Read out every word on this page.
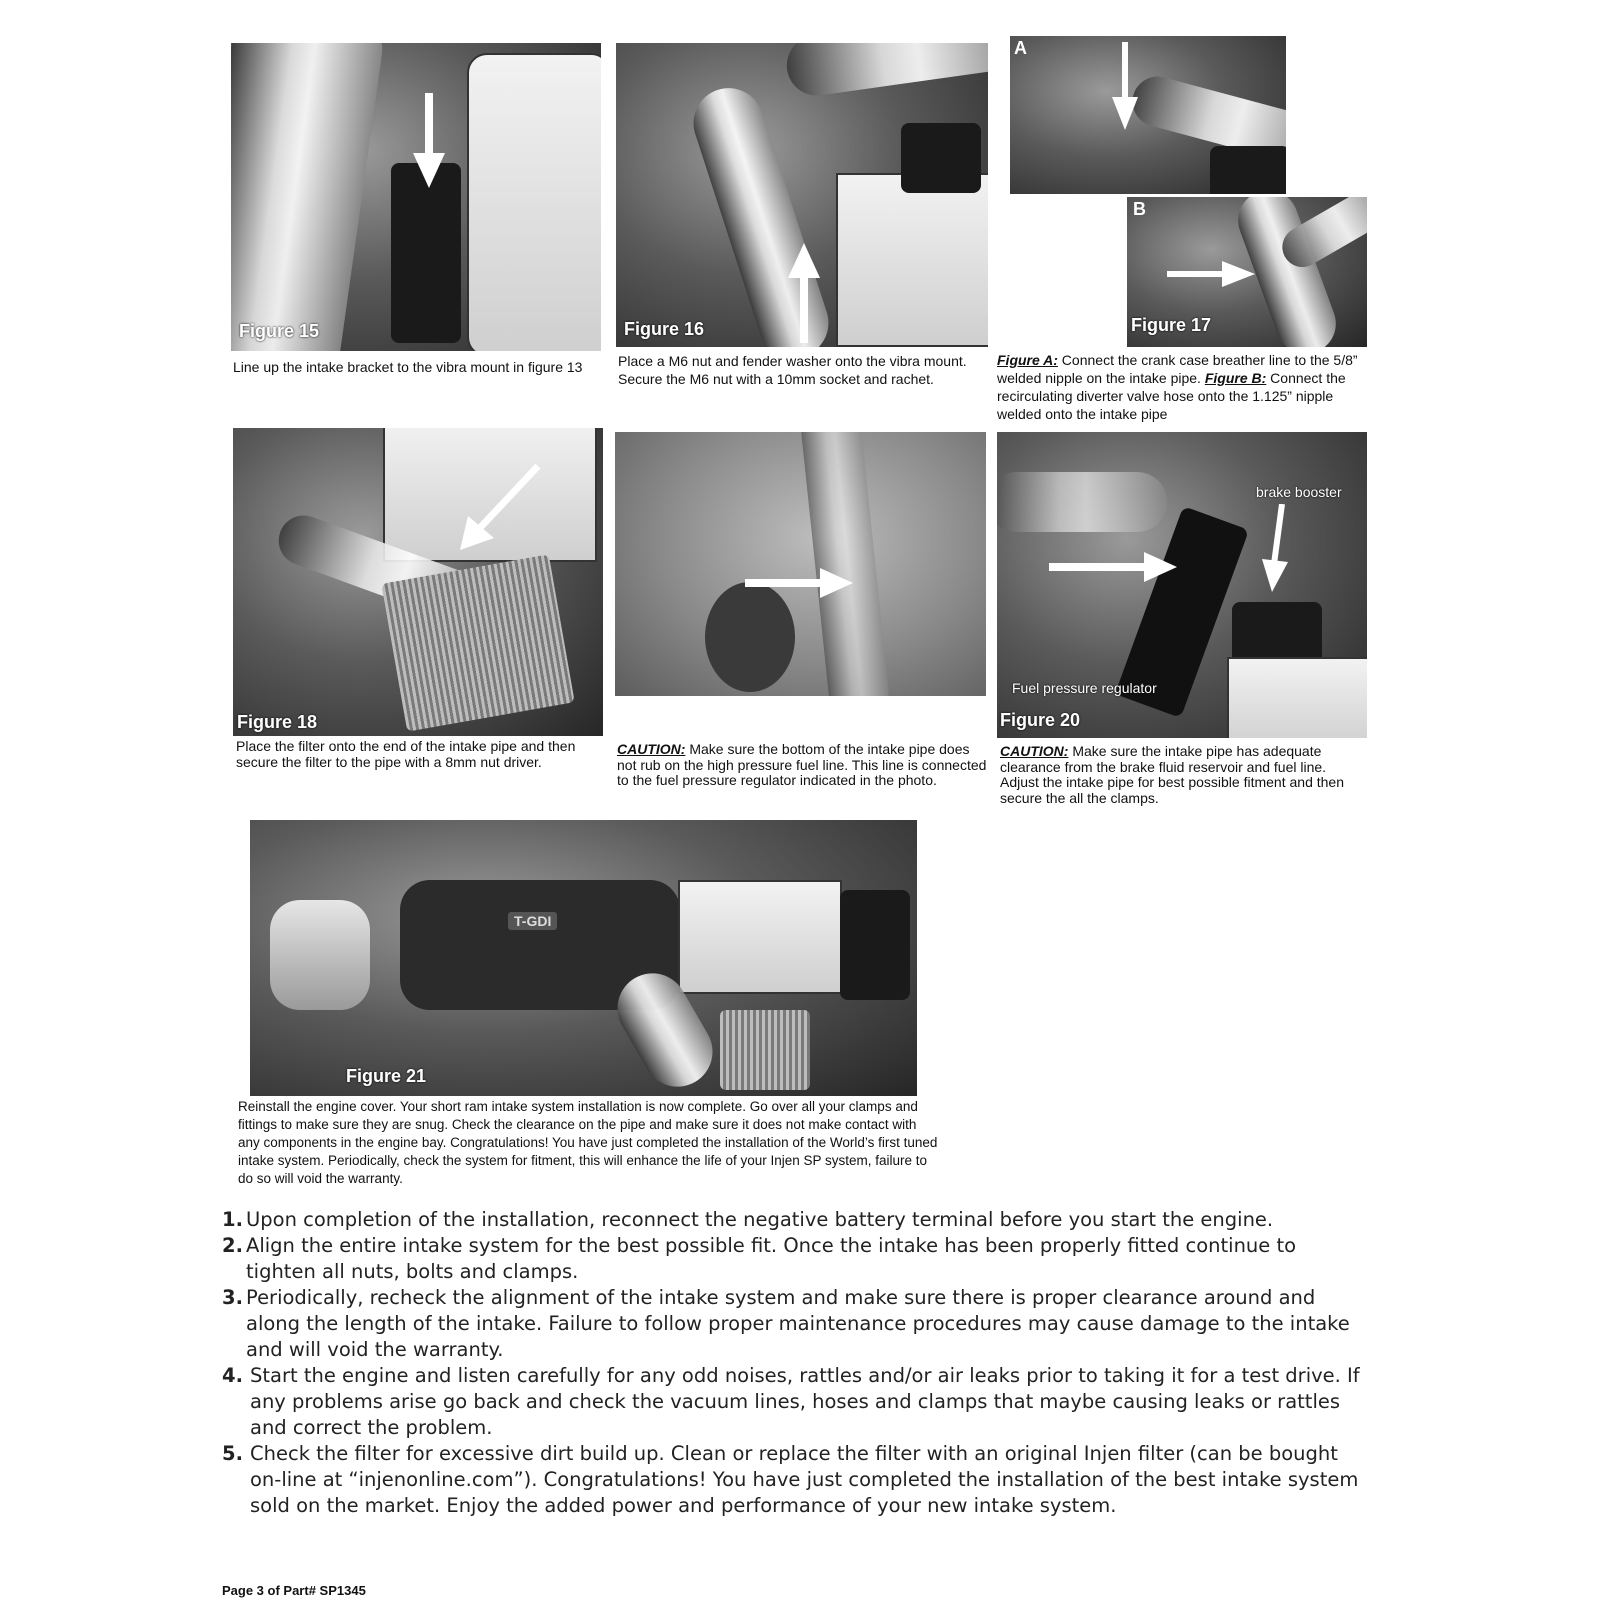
Figure 15
Line up the intake bracket to the vibra mount in figure 13
Figure 16
Place a M6 nut and fender washer onto the vibra mount. Secure the M6 nut with a 10mm socket and rachet.
A
B
Figure 17
Figure A: Connect the crank case breather line to the 5/8” welded nipple on the intake pipe. Figure B: Connect the recirculating diverter valve hose onto the 1.125” nipple welded onto the intake pipe
Figure 18
Place the filter onto the end of the intake pipe and then secure the filter to the pipe with a 8mm nut driver.
CAUTION: Make sure the bottom of the intake pipe does not rub on the high pressure fuel line. This line is connected to the fuel pressure regulator indicated in the photo.
brake booster
Fuel pressure regulator
Figure 20
CAUTION: Make sure the intake pipe has adequate clearance from the brake fluid reservoir and fuel line. Adjust the intake pipe for best possible fitment and then secure the all the clamps.
T-GDI
Figure 21
Reinstall the engine cover. Your short ram intake system installation is now complete. Go over all your clamps and fittings to make sure they are snug. Check the clearance on the pipe and make sure it does not make contact with any components in the engine bay. Congratulations! You have just completed the installation of the World’s first tuned intake system. Periodically, check the system for fitment, this will enhance the life of your Injen SP system, failure to do so will void the warranty.
1. Upon completion of the installation, reconnect the negative battery terminal before you start the engine.
2. Align the entire intake system for the best possible fit. Once the intake has been properly fitted continue to tighten all nuts, bolts and clamps.
3. Periodically, recheck the alignment of the intake system and make sure there is proper clearance around and along the length of the intake. Failure to follow proper maintenance procedures may cause damage to the intake and will void the warranty.
4. Start the engine and listen carefully for any odd noises, rattles and/or air leaks prior to taking it for a test drive. If any problems arise go back and check the vacuum lines, hoses and clamps that maybe causing leaks or rattles and correct the problem.
5. Check the filter for excessive dirt build up. Clean or replace the filter with an original Injen filter (can be bought on-line at “injenonline.com”). Congratulations! You have just completed the installation of the best intake system sold on the market. Enjoy the added power and performance of your new intake system.
Page 3 of Part# SP1345
